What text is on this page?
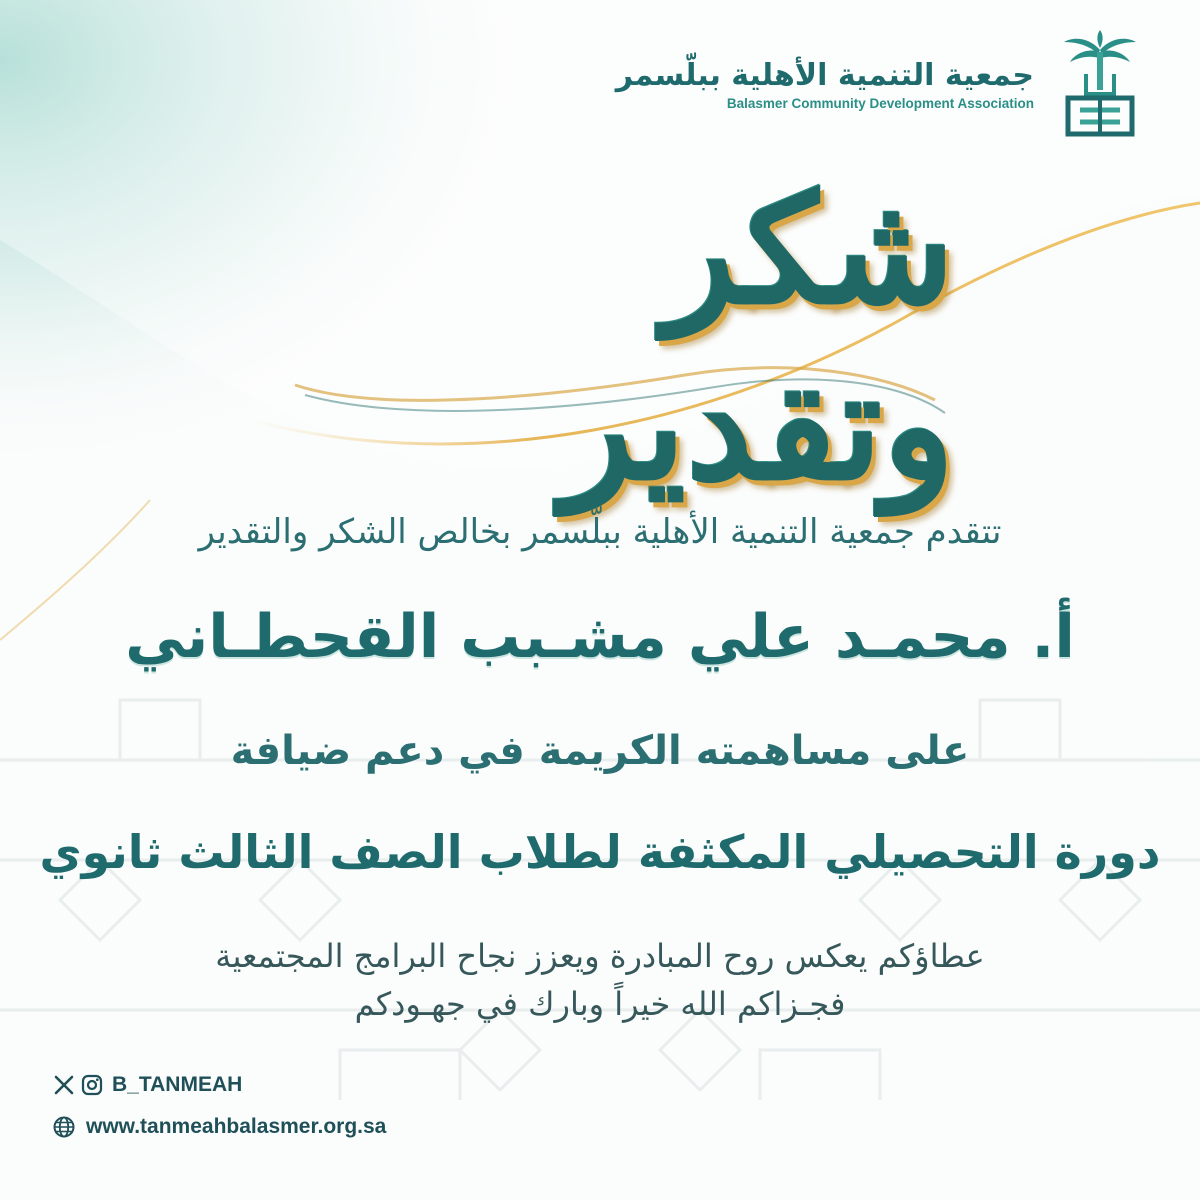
جمعية التنمية الأهلية ببلّسمر
Balasmer Community Development Association
شكر وتقدير
تتقدم جمعية التنمية الأهلية ببلّسمر بخالص الشكر والتقدير
أ. محمـد علي مشـبب القحطـاني
على مساهمته الكريمة في دعم ضيافة
دورة التحصيلي المكثفة لطلاب الصف الثالث ثانوي
عطاؤكم يعكس روح المبادرة ويعزز نجاح البرامج المجتمعية
فجـزاكم الله خيراً وبارك في جهـودكم
B_TANMEAH
www.tanmeahbalasmer.org.sa
